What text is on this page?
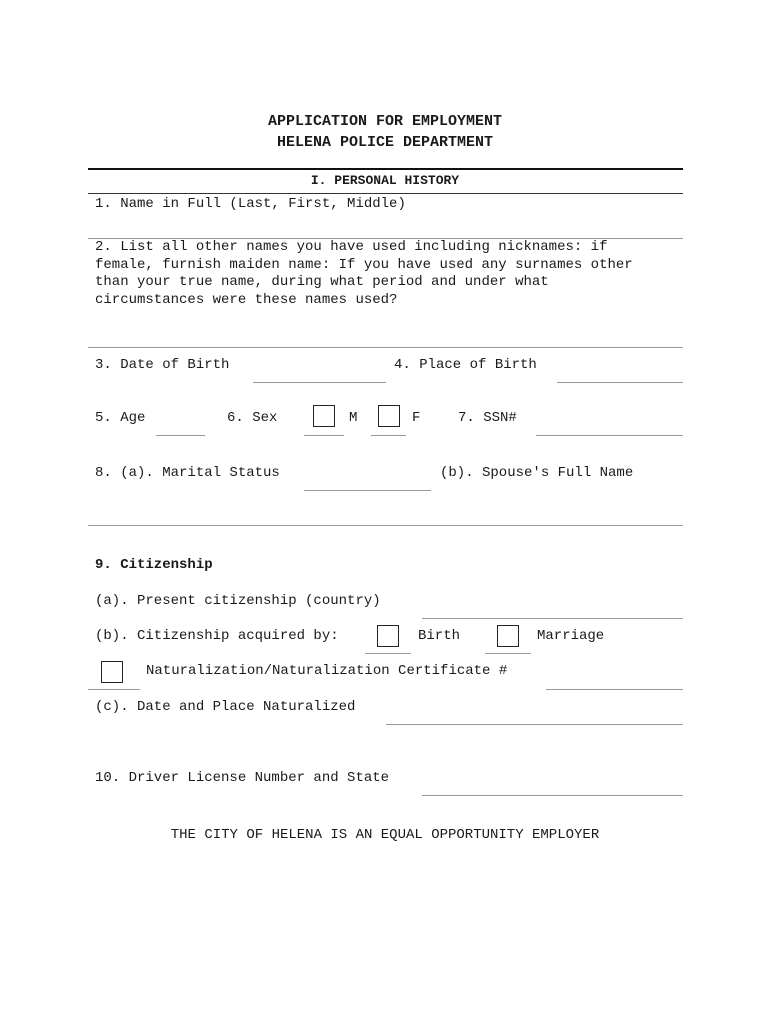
APPLICATION FOR EMPLOYMENT
HELENA POLICE DEPARTMENT
I. PERSONAL HISTORY
1. Name in Full (Last, First, Middle)
2. List all other names you have used including nicknames: if
female, furnish maiden name: If you have used any surnames other
than your true name, during what period and under what
circumstances were these names used?
3. Date of Birth	4. Place of Birth
5. Age	6. Sex	M	F	7. SSN#
8. (a). Marital Status	(b). Spouse's Full Name
9. Citizenship
(a). Present citizenship (country)
(b). Citizenship acquired by:	Birth	Marriage
Naturalization/Naturalization Certificate #
(c). Date and Place Naturalized
10. Driver License Number and State
THE CITY OF HELENA IS AN EQUAL OPPORTUNITY EMPLOYER
